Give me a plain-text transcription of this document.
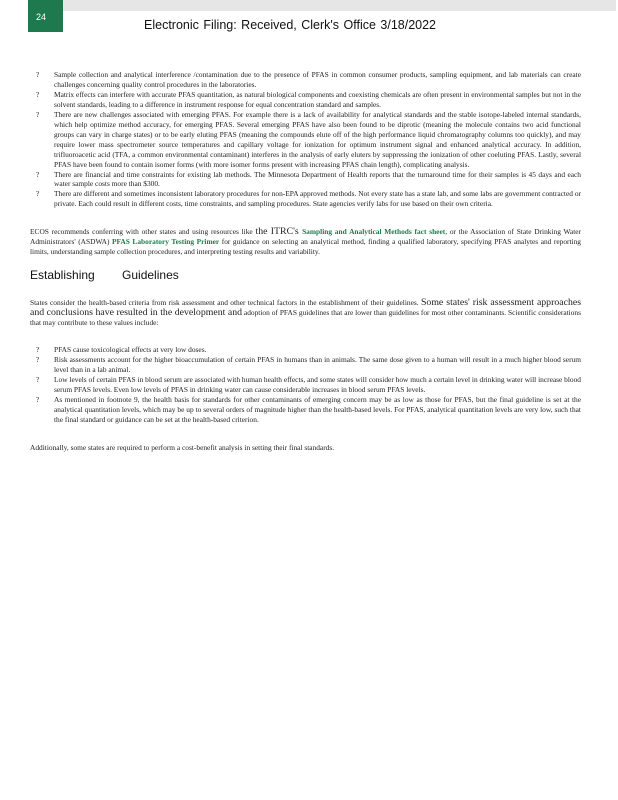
24
Electronic Filing: Received, Clerk's Office 3/18/2022
? Sample collection and analytical interference /contamination due to the presence of PFAS in common consumer products, sampling equipment, and lab materials can create challenges concerning quality control procedures in the laboratories.
? Matrix effects can interfere with accurate PFAS quantitation, as natural biological components and coexisting chemicals are often present in environmental samples but not in the solvent standards, leading to a difference in instrument response for equal concentration standard and samples.
? There are new challenges associated with emerging PFAS. For example there is a lack of availability for analytical standards and the stable isotope-labeled internal standards, which help optimize method accuracy, for emerging PFAS. Several emerging PFAS have also been found to be diprotic (meaning the molecule contains two acid functional groups can vary in charge states) or to be early eluting PFAS (meaning the compounds elute off of the high performance liquid chromatography columns too quickly), and may require lower mass spectrometer source temperatures and capillary voltage for ionization for optimum instrument signal and enhanced analytical accuracy. In addition, trifluoroacetic acid (TFA, a common environmental contaminant) interferes in the analysis of early eluters by suppressing the ionization of other coeluting PFAS. Lastly, several PFAS have been found to contain isomer forms (with more isomer forms present with increasing PFAS chain length), complicating analysis.
? There are financial and time constraints for existing lab methods. The Minnesota Department of Health reports that the turnaround time for their samples is 45 days and each water sample costs more than $300.
? There are different and sometimes inconsistent laboratory procedures for non-EPA approved methods. Not every state has a state lab, and some labs are government contracted or private. Each could result in different costs, time constraints, and sampling procedures. State agencies verify labs for use based on their own criteria.

ECOS recommends conferring with other states and using resources like the ITRC's Sampling and Analytical Methods fact sheet, or the Association of State Drinking Water Administrators' (ASDWA) PFAS Laboratory Testing Primer for guidance on selecting an analytical method, finding a qualified laboratory, specifying PFAS analytes and reporting limits, understanding sample collection procedures, and interpreting testing results and variability.

Establishing Guidelines

States consider the health-based criteria from risk assessment and other technical factors in the establishment of their guidelines. Some states' risk assessment approaches and conclusions have resulted in the development and adoption of PFAS guidelines that are lower than guidelines for most other contaminants. Scientific considerations that may contribute to these values include:

? PFAS cause toxicological effects at very low doses.
? Risk assessments account for the higher bioaccumulation of certain PFAS in humans than in animals. The same dose given to a human will result in a much higher blood serum level than in a lab animal.
? Low levels of certain PFAS in blood serum are associated with human health effects, and some states will consider how much a certain level in drinking water will increase blood serum PFAS levels. Even low levels of PFAS in drinking water can cause considerable increases in blood serum PFAS levels.
? As mentioned in footnote 9, the health basis for standards for other contaminants of emerging concern may be as low as those for PFAS, but the final guideline is set at the analytical quantitation levels, which may be up to several orders of magnitude higher than the health-based levels. For PFAS, analytical quantitation levels are very low, such that the final standard or guidance can be set at the health-based criterion.

Additionally, some states are required to perform a cost-benefit analysis in setting their final standards.
